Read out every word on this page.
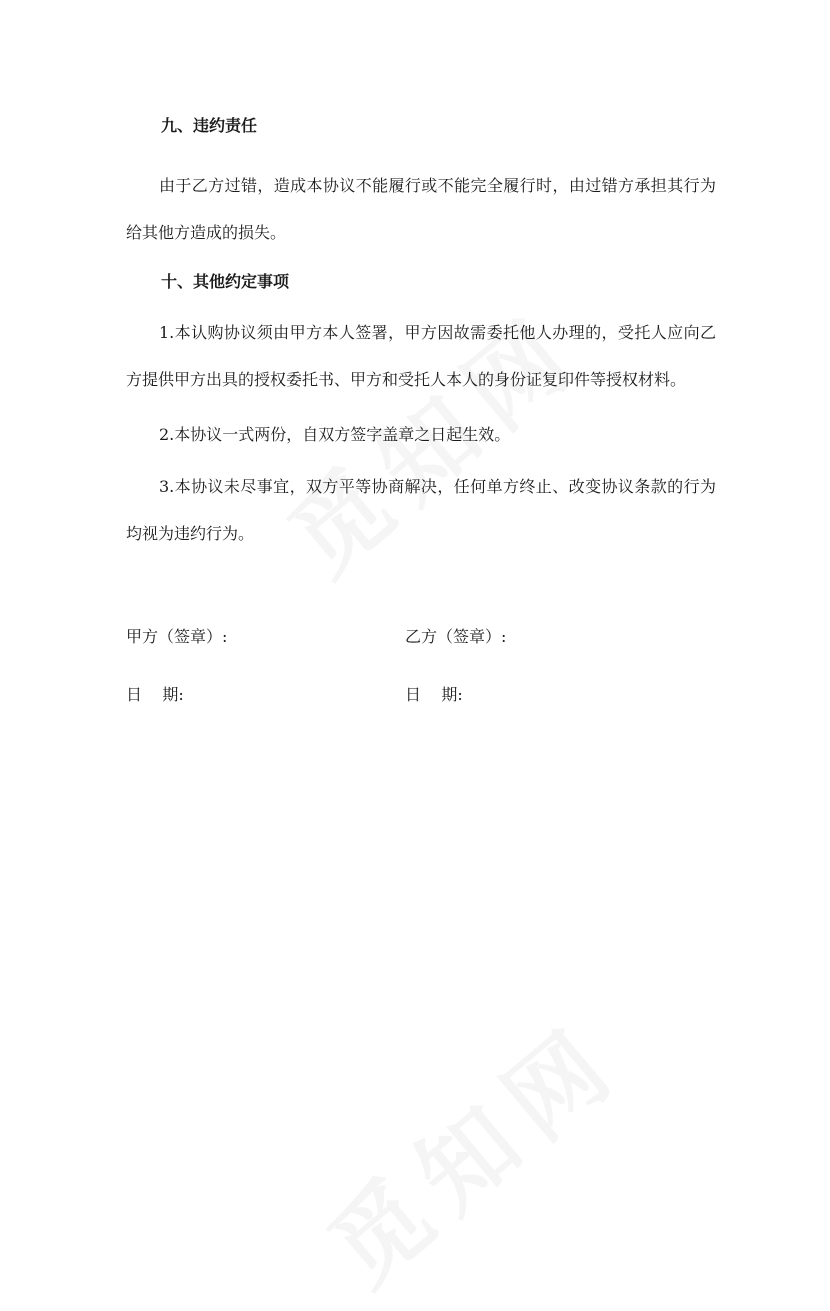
九、违约责任

由于乙方过错，造成本协议不能履行或不能完全履行时，由过错方承担其行为给其他方造成的损失。

十、其他约定事项

1.本认购协议须由甲方本人签署，甲方因故需委托他人办理的，受托人应向乙方提供甲方出具的授权委托书、甲方和受托人本人的身份证复印件等授权材料。

2.本协议一式两份，自双方签字盖章之日起生效。

3.本协议未尽事宜，双方平等协商解决，任何单方终止、改变协议条款的行为均视为违约行为。

甲方（签章）:	乙方（签章）:
日    期:	日    期:
